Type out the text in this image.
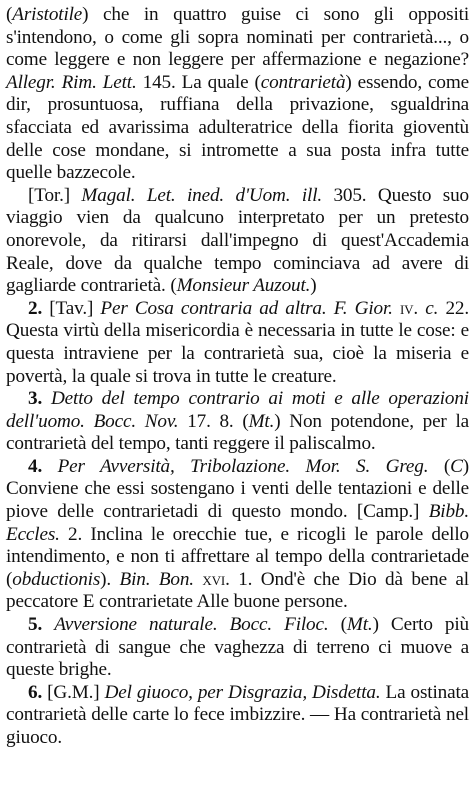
(Aristotile) che in quattro guise ci sono gli oppositi s'intendono, o come gli sopra nominati per contrarietà..., o come leggere e non leggere per affermazione e negazione? Allegr. Rim. Lett. 145. La quale (contrarietà) essendo, come dir, prosuntuosa, ruffiana della privazione, sgualdrina sfacciata ed avarissima adulteratrice della fiorita gioventù delle cose mondane, si intromette a sua posta infra tutte quelle bazzecole.

[Tor.] Magal. Let. ined. d'Uom. ill. 305. Questo suo viaggio vien da qualcuno interpretato per un pretesto onorevole, da ritirarsi dall'impegno di quest'Accademia Reale, dove da qualche tempo cominciava ad avere di gagliarde contrarietà. (Monsieur Auzout.)

2. [Tav.] Per Cosa contraria ad altra. F. Gior. iv. c. 22. Questa virtù della misericordia è necessaria in tutte le cose: e questa intraviene per la contrarietà sua, cioè la miseria e povertà, la quale si trova in tutte le creature.

3. Detto del tempo contrario ai moti e alle operazioni dell'uomo. Bocc. Nov. 17. 8. (Mt.) Non potendone, per la contrarietà del tempo, tanti reggere il paliscalmo.

4. Per Avversità, Tribolazione. Mor. S. Greg. (C) Conviene che essi sostengano i venti delle tentazioni e delle piove delle contrarietadi di questo mondo. [Camp.] Bibb. Eccles. 2. Inclina le orecchie tue, e ricogli le parole dello intendimento, e non ti affrettare al tempo della contrarietade (obductionis). Bin. Bon. xvi. 1. Ond'è che Dio dà bene al peccatore E contrarietate Alle buone persone.

5. Avversione naturale. Bocc. Filoc. (Mt.) Certo più contrarietà di sangue che vaghezza di terreno ci muove a queste brighe.

6. [G.M.] Del giuoco, per Disgrazia, Disdetta. La ostinata contrarietà delle carte lo fece imbizzire. — Ha contrarietà nel giuoco.
